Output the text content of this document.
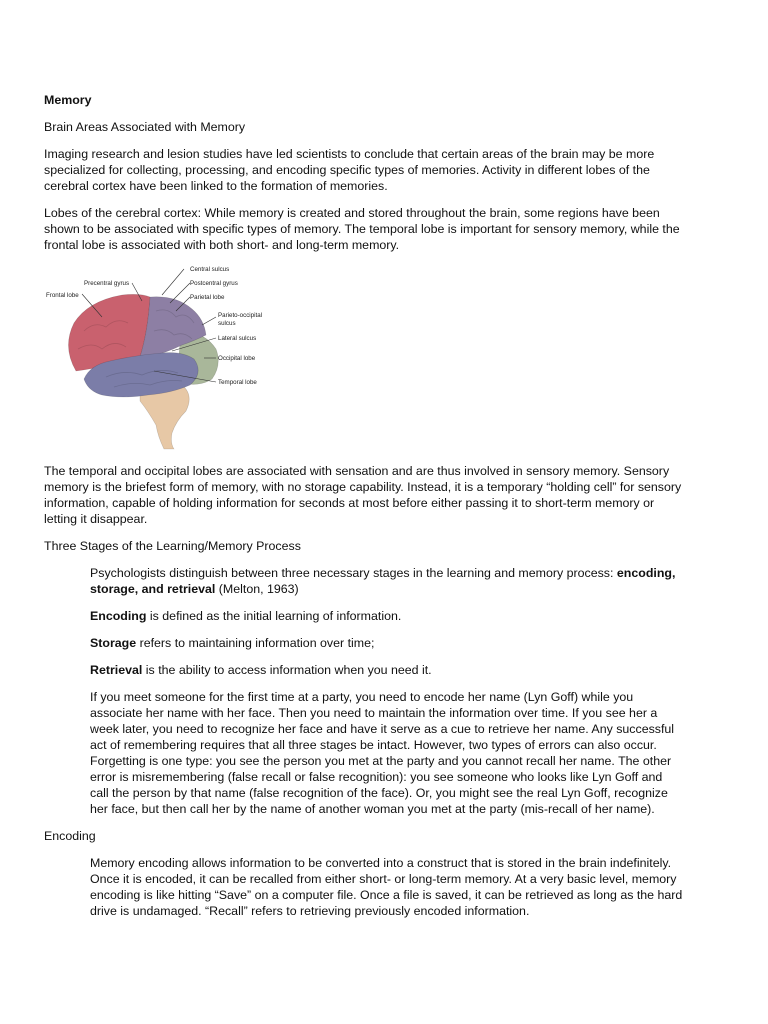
Memory

Brain Areas Associated with Memory

Imaging research and lesion studies have led scientists to conclude that certain areas of the brain may be more specialized for collecting, processing, and encoding specific types of memories. Activity in different lobes of the cerebral cortex have been linked to the formation of memories.

Lobes of the cerebral cortex: While memory is created and stored throughout the brain, some regions have been shown to be associated with specific types of memory. The temporal lobe is important for sensory memory, while the frontal lobe is associated with both short- and long-term memory.

Frontal lobe
Precentral gyrus
Central sulcus
Postcentral gyrus
Parietal lobe
Parieto-occipital
sulcus
Lateral sulcus
Occipital lobe
Temporal lobe

The temporal and occipital lobes are associated with sensation and are thus involved in sensory memory. Sensory memory is the briefest form of memory, with no storage capability. Instead, it is a temporary “holding cell” for sensory information, capable of holding information for seconds at most before either passing it to short-term memory or letting it disappear.

Three Stages of the Learning/Memory Process

Psychologists distinguish between three necessary stages in the learning and memory process: encoding, storage, and retrieval (Melton, 1963)

Encoding is defined as the initial learning of information.

Storage refers to maintaining information over time;

Retrieval is the ability to access information when you need it.

If you meet someone for the first time at a party, you need to encode her name (Lyn Goff) while you associate her name with her face. Then you need to maintain the information over time. If you see her a week later, you need to recognize her face and have it serve as a cue to retrieve her name. Any successful act of remembering requires that all three stages be intact. However, two types of errors can also occur. Forgetting is one type: you see the person you met at the party and you cannot recall her name. The other error is misremembering (false recall or false recognition): you see someone who looks like Lyn Goff and call the person by that name (false recognition of the face). Or, you might see the real Lyn Goff, recognize her face, but then call her by the name of another woman you met at the party (mis-recall of her name).

Encoding

Memory encoding allows information to be converted into a construct that is stored in the brain indefinitely. Once it is encoded, it can be recalled from either short- or long-term memory. At a very basic level, memory encoding is like hitting “Save” on a computer file. Once a file is saved, it can be retrieved as long as the hard drive is undamaged. “Recall” refers to retrieving previously encoded information.
